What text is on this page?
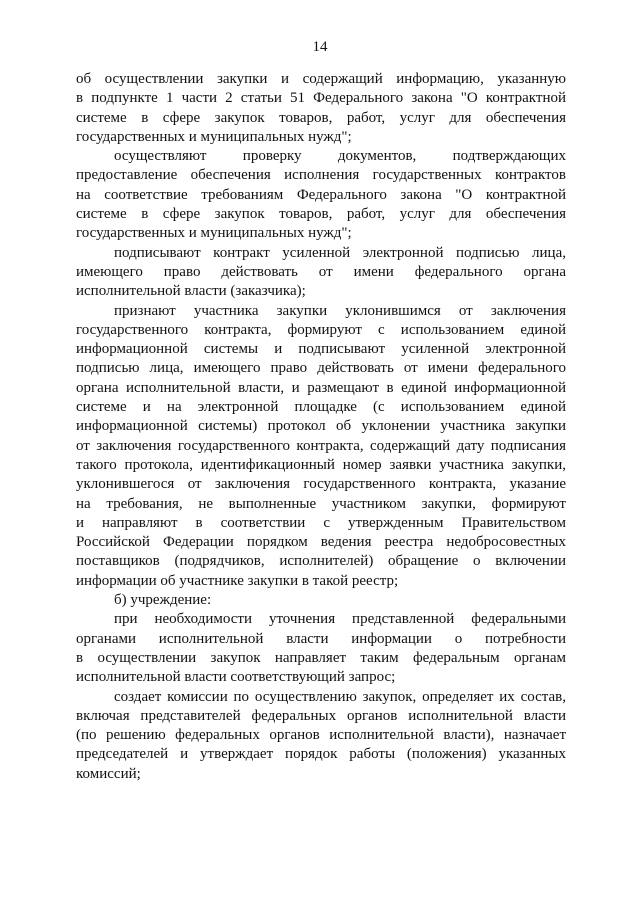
14
об осуществлении закупки и содержащий информацию, указанную
в подпункте 1 части 2 статьи 51 Федерального закона "О контрактной
системе в сфере закупок товаров, работ, услуг для обеспечения
государственных и муниципальных нужд";
осуществляют проверку документов, подтверждающих
предоставление обеспечения исполнения государственных контрактов
на соответствие требованиям Федерального закона "О контрактной
системе в сфере закупок товаров, работ, услуг для обеспечения
государственных и муниципальных нужд";
подписывают контракт усиленной электронной подписью лица,
имеющего право действовать от имени федерального органа
исполнительной власти (заказчика);
признают участника закупки уклонившимся от заключения
государственного контракта, формируют с использованием единой
информационной системы и подписывают усиленной электронной
подписью лица, имеющего право действовать от имени федерального
органа исполнительной власти, и размещают в единой информационной
системе и на электронной площадке (с использованием единой
информационной системы) протокол об уклонении участника закупки
от заключения государственного контракта, содержащий дату подписания
такого протокола, идентификационный номер заявки участника закупки,
уклонившегося от заключения государственного контракта, указание
на требования, не выполненные участником закупки, формируют
и направляют в соответствии с утвержденным Правительством
Российской Федерации порядком ведения реестра недобросовестных
поставщиков (подрядчиков, исполнителей) обращение о включении
информации об участнике закупки в такой реестр;
б) учреждение:
при необходимости уточнения представленной федеральными
органами исполнительной власти информации о потребности
в осуществлении закупок направляет таким федеральным органам
исполнительной власти соответствующий запрос;
создает комиссии по осуществлению закупок, определяет их состав,
включая представителей федеральных органов исполнительной власти
(по решению федеральных органов исполнительной власти), назначает
председателей и утверждает порядок работы (положения) указанных
комиссий;
